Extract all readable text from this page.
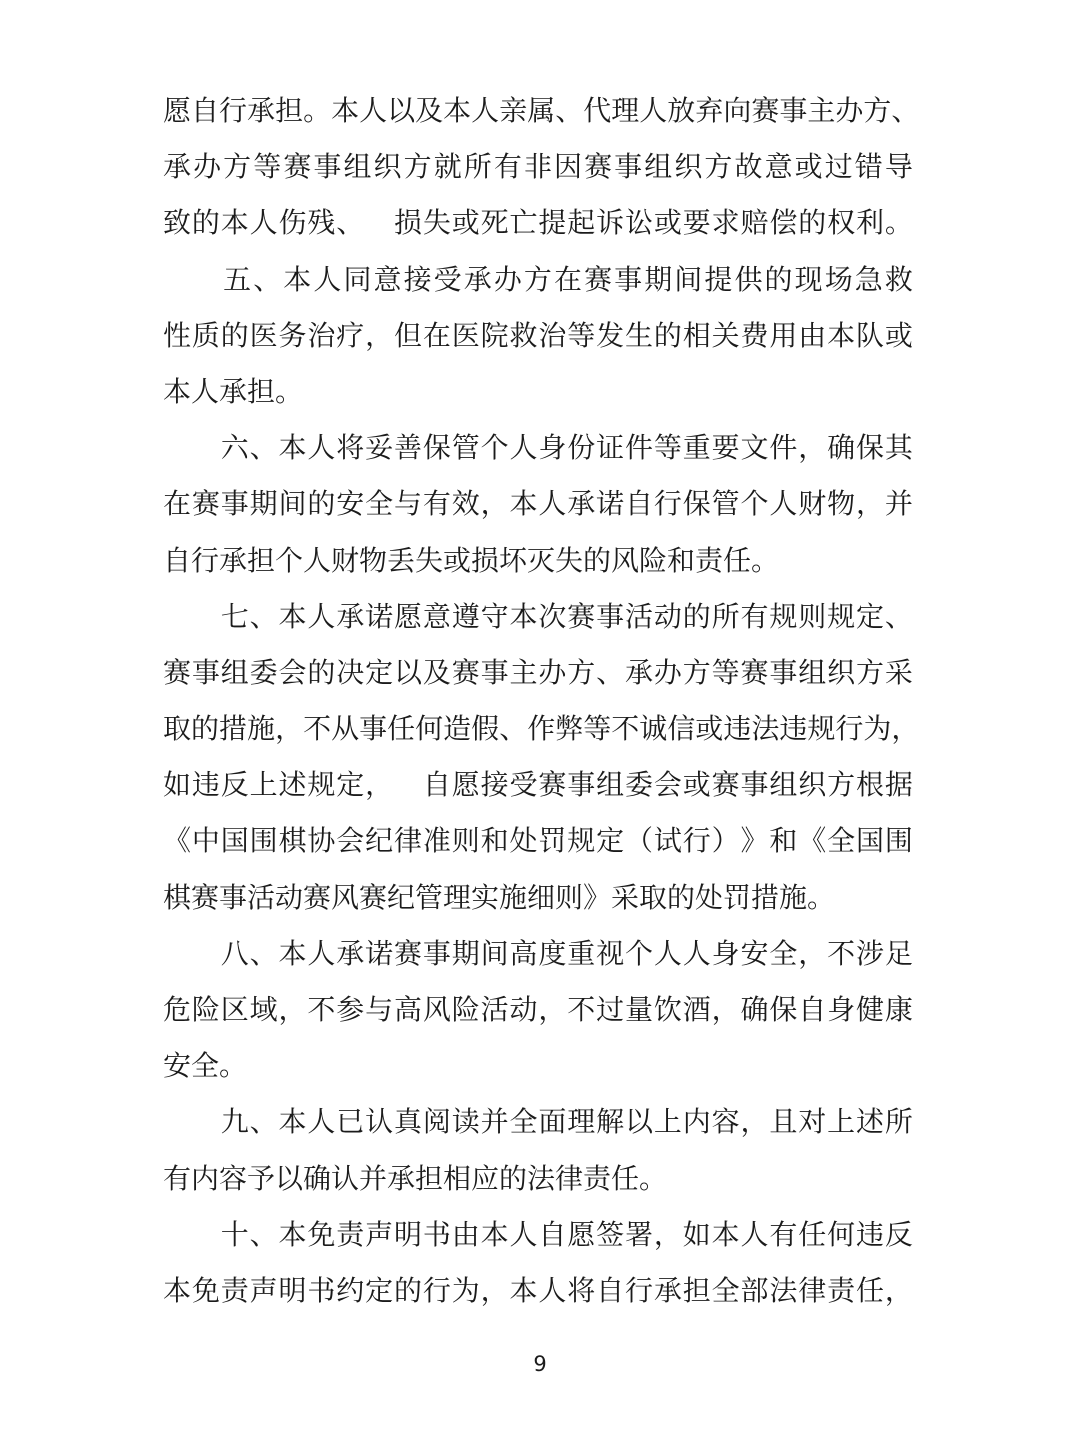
愿 自 行 承 担 。 本 人 以 及 本 人 亲 属 、 代 理 人 放 弃 向 赛 事 主 办 方 、
承 办 方 等 赛 事 组 织 方 就 所 有 非 因 赛 事 组 织 方 故 意 或 过 错 导
致 的 本 人 伤 残 、 损 失 或 死 亡 提 起 诉 讼 或 要 求 赔 偿 的 权 利 。
五 、 本 人 同 意 接 受 承 办 方 在 赛 事 期 间 提 供 的 现 场 急 救
性 质 的 医 务 治 疗 ， 但 在 医 院 救 治 等 发 生 的 相 关 费 用 由 本 队 或
本人承担。
六 、 本 人 将 妥 善 保 管 个 人 身 份 证 件 等 重 要 文 件 ， 确 保 其
在 赛 事 期 间 的 安 全 与 有 效 ， 本 人 承 诺 自 行 保 管 个 人 财 物 ， 并
自行承担个人财物丢失或损坏灭失的风险和责任。
七 、 本 人 承 诺 愿 意 遵 守 本 次 赛 事 活 动 的 所 有 规 则 规 定 、
赛 事 组 委 会 的 决 定 以 及 赛 事 主 办 方 、 承 办 方 等 赛 事 组 织 方 采
取 的 措 施 ， 不 从 事 任 何 造 假 、 作 弊 等 不 诚 信 或 违 法 违 规 行 为 ，
如 违 反 上 述 规 定 ， 自 愿 接 受 赛 事 组 委 会 或 赛 事 组 织 方 根 据
《 中 国 围 棋 协 会 纪 律 准 则 和 处 罚 规 定 （ 试 行 ） 》 和 《 全 国 围
棋赛事活动赛风赛纪管理实施细则》采取的处罚措施。
八 、 本 人 承 诺 赛 事 期 间 高 度 重 视 个 人 人 身 安 全 ， 不 涉 足
危 险 区 域 ， 不 参 与 高 风 险 活 动 ， 不 过 量 饮 酒 ， 确 保 自 身 健 康
安全。
九 、 本 人 已 认 真 阅 读 并 全 面 理 解 以 上 内 容 ， 且 对 上 述 所
有内容予以确认并承担相应的法律责任。
十 、 本 免 责 声 明 书 由 本 人 自 愿 签 署 ， 如 本 人 有 任 何 违 反
本 免 责 声 明 书 约 定 的 行 为 ， 本 人 将 自 行 承 担 全 部 法 律 责 任 ，
9
